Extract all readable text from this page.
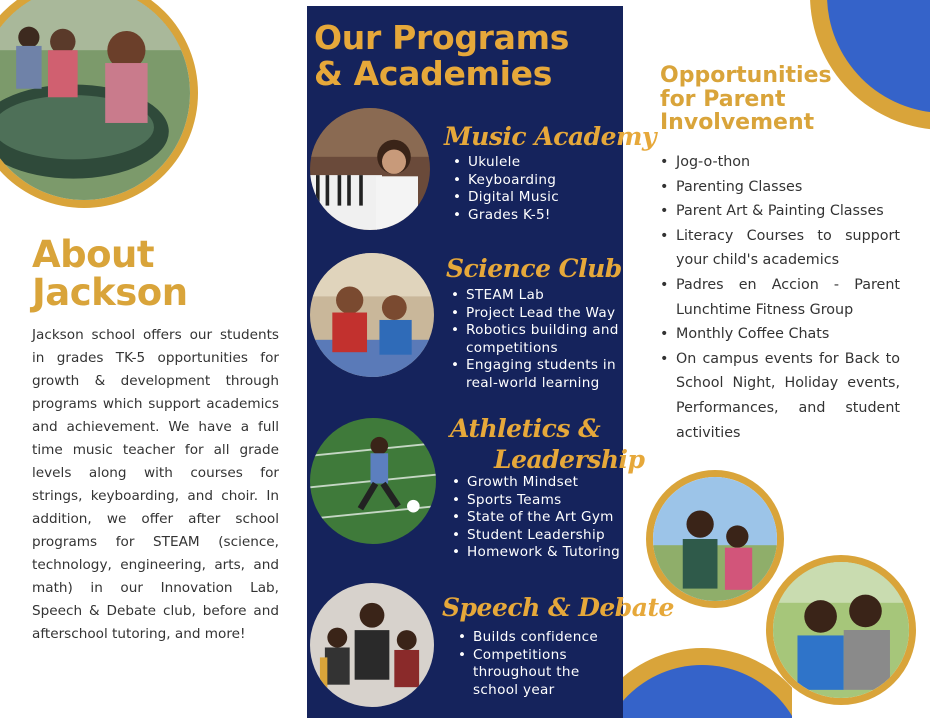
About
Jackson

Jackson school offers our students in grades TK-5 opportunities for growth & development through programs which support academics and achievement. We have a full time music teacher for all grade levels along with courses for strings, keyboarding, and choir. In addition, we offer after school programs for STEAM (science, technology, engineering, arts, and math) in our Innovation Lab, Speech & Debate club, before and afterschool tutoring, and more!

Our Programs
& Academies
Music Academy
• Ukulele
• Keyboarding
• Digital Music
• Grades K-5!
Science Club
• STEAM Lab
• Project Lead the Way
• Robotics building and competitions
• Engaging students in real-world learning
Athletics &
Leadership
• Growth Mindset
• Sports Teams
• State of the Art Gym
• Student Leadership
• Homework & Tutoring
Speech & Debate
• Builds confidence
• Competitions throughout the school year
Opportunities
for Parent
Involvement
• Jog-o-thon
• Parenting Classes
• Parent Art & Painting Classes
• Literacy Courses to support your child's academics
• Padres en Accion - Parent Lunchtime Fitness Group
• Monthly Coffee Chats
• On campus events for Back to School Night, Holiday events, Performances, and student activities
